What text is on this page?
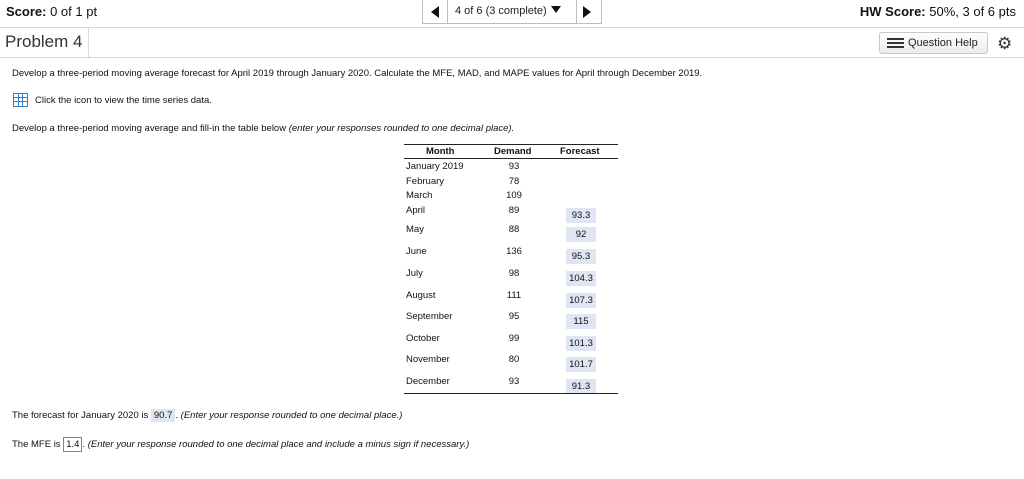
Score: 0 of 1 pt	4 of 6 (3 complete)	HW Score: 50%, 3 of 6 pts
Problem 4	Question Help ⚙
Develop a three-period moving average forecast for April 2019 through January 2020. Calculate the MFE, MAD, and MAPE values for April through December 2019.
Click the icon to view the time series data.
Develop a three-period moving average and fill-in the table below (enter your responses rounded to one decimal place).
Month	Demand	Forecast
January 2019	93
February	78
March	109
April	89	93.3
May	88	92
June	136	95.3
July	98	104.3
August	111	107.3
September	95	115
October	99	101.3
November	80	101.7
December	93	91.3
The forecast for January 2020 is 90.7 . (Enter your response rounded to one decimal place.)
The MFE is 1.4 . (Enter your response rounded to one decimal place and include a minus sign if necessary.)
